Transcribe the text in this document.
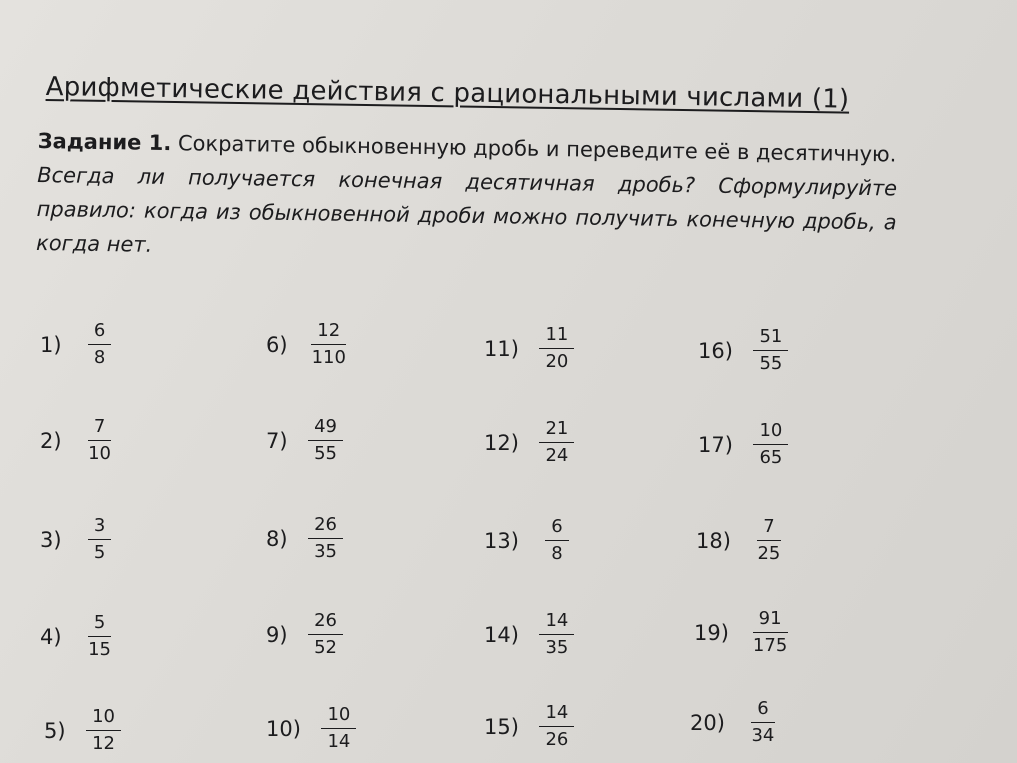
Арифметические действия с рациональными числами (1)
Задание 1. Сократите обыкновенную дробь и переведите её в десятичную.
Всегда ли получается конечная десятичная дробь? Сформулируйте правило: когда из обыкновенной дроби можно получить конечную дробь, а когда нет.
$1) \frac{6}{8}$
$2) \frac{7}{10}$
$3) \frac{3}{5}$
$4) \frac{5}{15}$
$5) \frac{10}{12}$
$6) \frac{12}{110}$
$7) \frac{49}{55}$
$8) \frac{26}{35}$
$9) \frac{26}{52}$
$10) \frac{10}{14}$
$11) \frac{11}{20}$
$12) \frac{21}{24}$
$13) \frac{6}{8}$
$14) \frac{14}{35}$
$15) \frac{14}{26}$
$16) \frac{51}{55}$
$17) \frac{10}{65}$
$18) \frac{7}{25}$
$19) \frac{91}{175}$
$20) \frac{6}{34}$
